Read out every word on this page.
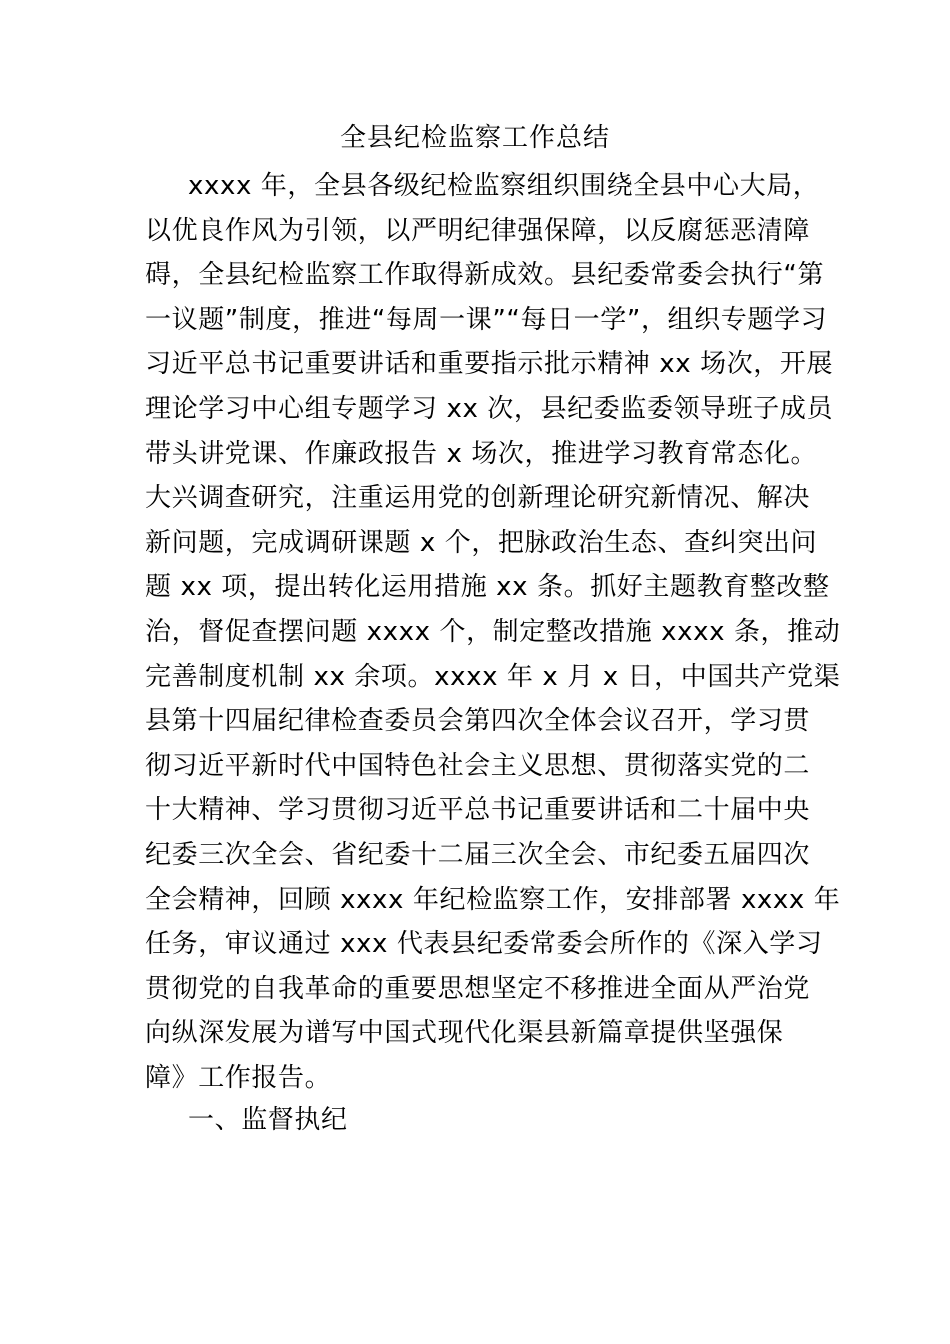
全县纪检监察工作总结
xxxx 年，全县各级纪检监察组织围绕全县中心大局，
以优良作风为引领，以严明纪律强保障，以反腐惩恶清障
碍，全县纪检监察工作取得新成效。县纪委常委会执行“第
一议题”制度，推进“每周一课”“每日一学”，组织专题学习
习近平总书记重要讲话和重要指示批示精神 xx 场次，开展
理论学习中心组专题学习 xx 次，县纪委监委领导班子成员
带头讲党课、作廉政报告 x 场次，推进学习教育常态化。
大兴调查研究，注重运用党的创新理论研究新情况、解决
新问题，完成调研课题 x 个，把脉政治生态、查纠突出问
题 xx 项，提出转化运用措施 xx 条。抓好主题教育整改整
治，督促查摆问题 xxxx 个，制定整改措施 xxxx 条，推动
完善制度机制 xx 余项。xxxx 年 x 月 x 日，中国共产党渠
县第十四届纪律检查委员会第四次全体会议召开，学习贯
彻习近平新时代中国特色社会主义思想、贯彻落实党的二
十大精神、学习贯彻习近平总书记重要讲话和二十届中央
纪委三次全会、省纪委十二届三次全会、市纪委五届四次
全会精神，回顾 xxxx 年纪检监察工作，安排部署 xxxx 年
任务，审议通过 xxx 代表县纪委常委会所作的《深入学习
贯彻党的自我革命的重要思想坚定不移推进全面从严治党
向纵深发展为谱写中国式现代化渠县新篇章提供坚强保
障》工作报告。
一、监督执纪
